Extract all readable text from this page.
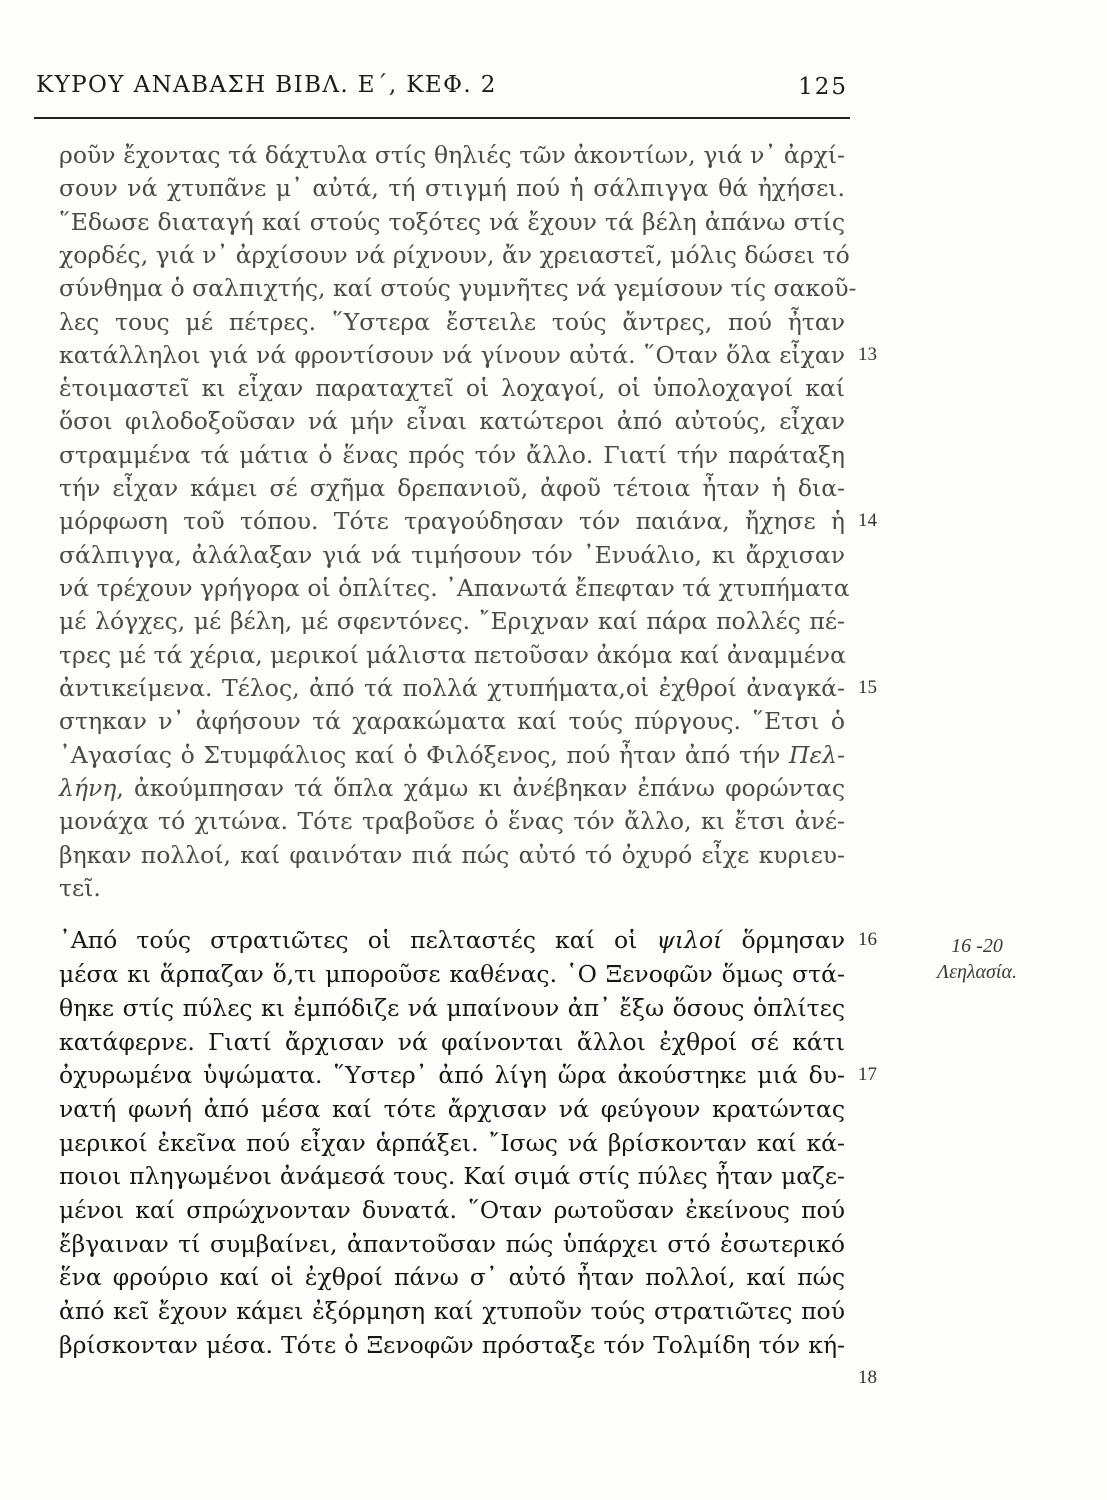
ΚΥΡΟΥ ΑΝΑΒΑΣΗ ΒΙΒΛ. Ε΄, ΚΕΦ. 2	125
ροῦν ἔχοντας τά δάχτυλα στίς θηλιές τῶν ἀκοντίων, γιά ν᾽ ἀρχί-
σουν νά χτυπᾶνε μ᾽ αὐτά, τή στιγμή πού ἡ σάλπιγγα θά ἠχήσει.
῞Εδωσε διαταγή καί στούς τοξότες νά ἔχουν τά βέλη ἀπάνω στίς
χορδές, γιά ν᾽ ἀρχίσουν νά ρίχνουν, ἄν χρειαστεῖ, μόλις δώσει τό
σύνθημα ὁ σαλπιχτής, καί στούς γυμνῆτες νά γεμίσουν τίς σακοῦ-
λες τους μέ πέτρες. ῞Υστερα ἔστειλε τούς ἄντρες, πού ἦταν
κατάλληλοι γιά νά φροντίσουν νά γίνουν αὐτά. ῞Οταν ὅλα εἶχαν 13
ἑτοιμαστεῖ κι εἶχαν παραταχτεῖ οἱ λοχαγοί, οἱ ὑπολοχαγοί καί
ὅσοι φιλοδοξοῦσαν νά μήν εἶναι κατώτεροι ἀπό αὐτούς, εἶχαν
στραμμένα τά μάτια ὁ ἕνας πρός τόν ἄλλο. Γιατί τήν παράταξη
τήν εἶχαν κάμει σέ σχῆμα δρεπανιοῦ, ἀφοῦ τέτοια ἦταν ἡ δια-
μόρφωση τοῦ τόπου. Τότε τραγούδησαν τόν παιάνα, ἤχησε ἡ 14
σάλπιγγα, ἀλάλαξαν γιά νά τιμήσουν τόν ᾿Ενυάλιο, κι ἄρχισαν
νά τρέχουν γρήγορα οἱ ὁπλίτες. ᾿Απανωτά ἔπεφταν τά χτυπήματα
μέ λόγχες, μέ βέλη, μέ σφεντόνες. ῎Εριχναν καί πάρα πολλές πέ-
τρες μέ τά χέρια, μερικοί μάλιστα πετοῦσαν ἀκόμα καί ἀναμμένα
ἀντικείμενα. Τέλος, ἀπό τά πολλά χτυπήματα,οἱ ἐχθροί ἀναγκά- 15
στηκαν ν᾽ ἀφήσουν τά χαρακώματα καί τούς πύργους. ῞Ετσι ὁ
᾿Αγασίας ὁ Στυμφάλιος καί ὁ Φιλόξενος, πού ἦταν ἀπό τήν Πελ-
λήνη, ἀκούμπησαν τά ὅπλα χάμω κι ἀνέβηκαν ἐπάνω φορώντας
μονάχα τό χιτώνα. Τότε τραβοῦσε ὁ ἕνας τόν ἄλλο, κι ἔτσι ἀνέ-
βηκαν πολλοί, καί φαινόταν πιά πώς αὐτό τό ὀχυρό εἶχε κυριευ-
τεῖ.
᾿Από τούς στρατιῶτες οἱ πελταστές καί οἱ ψιλοί ὅρμησαν 16	16 -20
Λεηλασία.
μέσα κι ἅρπαζαν ὅ,τι μποροῦσε καθένας. ῾Ο Ξενοφῶν ὅμως στά-
θηκε στίς πύλες κι ἐμπόδιζε νά μπαίνουν ἀπ᾽ ἔξω ὅσους ὁπλίτες
κατάφερνε. Γιατί ἄρχισαν νά φαίνονται ἄλλοι ἐχθροί σέ κάτι
ὀχυρωμένα ὑψώματα. ῞Υστερ᾽ ἀπό λίγη ὥρα ἀκούστηκε μιά δυ- 17
νατή φωνή ἀπό μέσα καί τότε ἄρχισαν νά φεύγουν κρατώντας
μερικοί ἐκεῖνα πού εἶχαν ἁρπάξει. ῎Ισως νά βρίσκονταν καί κά-
ποιοι πληγωμένοι ἀνάμεσά τους. Καί σιμά στίς πύλες ἦταν μαζε-
μένοι καί σπρώχνονταν δυνατά. ῞Οταν ρωτοῦσαν ἐκείνους πού
ἔβγαιναν τί συμβαίνει, ἀπαντοῦσαν πώς ὑπάρχει στό ἐσωτερικό
ἕνα φρούριο καί οἱ ἐχθροί πάνω σ᾽ αὐτό ἦταν πολλοί, καί πώς
ἀπό κεῖ ἔχουν κάμει ἐξόρμηση καί χτυποῦν τούς στρατιῶτες πού
βρίσκονταν μέσα. Τότε ὁ Ξενοφῶν πρόσταξε τόν Τολμίδη τόν κή-
18
